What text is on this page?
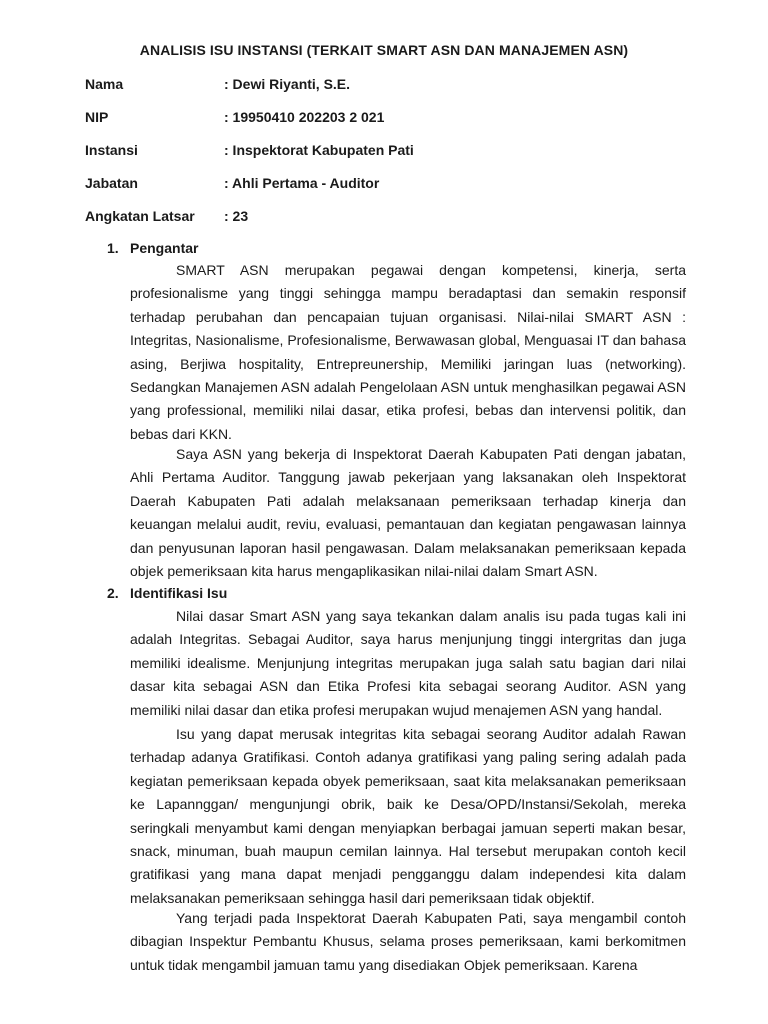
ANALISIS ISU INSTANSI (TERKAIT SMART ASN DAN MANAJEMEN ASN)
Nama	: Dewi Riyanti, S.E.
NIP	: 19950410 202203 2 021
Instansi	: Inspektorat Kabupaten Pati
Jabatan	: Ahli Pertama - Auditor
Angkatan Latsar : 23
1. Pengantar

SMART ASN merupakan pegawai dengan kompetensi, kinerja, serta profesionalisme yang tinggi sehingga mampu beradaptasi dan semakin responsif terhadap perubahan dan pencapaian tujuan organisasi. Nilai-nilai SMART ASN : Integritas, Nasionalisme, Profesionalisme, Berwawasan global, Menguasai IT dan bahasa asing, Berjiwa hospitality, Entrepreunership, Memiliki jaringan luas (networking). Sedangkan Manajemen ASN adalah Pengelolaan ASN untuk menghasilkan pegawai ASN yang professional, memiliki nilai dasar, etika profesi, bebas dan intervensi politik, dan bebas dari KKN.

Saya ASN yang bekerja di Inspektorat Daerah Kabupaten Pati dengan jabatan, Ahli Pertama Auditor. Tanggung jawab pekerjaan yang laksanakan oleh Inspektorat Daerah Kabupaten Pati adalah melaksanaan pemeriksaan terhadap kinerja dan keuangan melalui audit, reviu, evaluasi, pemantauan dan kegiatan pengawasan lainnya dan penyusunan laporan hasil pengawasan. Dalam melaksanakan pemeriksaan kepada objek pemeriksaan kita harus mengaplikasikan nilai-nilai dalam Smart ASN.

2. Identifikasi Isu

Nilai dasar Smart ASN yang saya tekankan dalam analis isu pada tugas kali ini adalah Integritas. Sebagai Auditor, saya harus menjunjung tinggi intergritas dan juga memiliki idealisme. Menjunjung integritas merupakan juga salah satu bagian dari nilai dasar kita sebagai ASN dan Etika Profesi kita sebagai seorang Auditor. ASN yang memiliki nilai dasar dan etika profesi merupakan wujud menajemen ASN yang handal.

Isu yang dapat merusak integritas kita sebagai seorang Auditor adalah Rawan terhadap adanya Gratifikasi. Contoh adanya gratifikasi yang paling sering adalah pada kegiatan pemeriksaan kepada obyek pemeriksaan, saat kita melaksanakan pemeriksaan ke Lapannggan/ mengunjungi obrik, baik ke Desa/OPD/Instansi/Sekolah, mereka seringkali menyambut kami dengan menyiapkan berbagai jamuan seperti makan besar, snack, minuman, buah maupun cemilan lainnya. Hal tersebut merupakan contoh kecil gratifikasi yang mana dapat menjadi pengganggu dalam independesi kita dalam melaksanakan pemeriksaan sehingga hasil dari pemeriksaan tidak objektif.

Yang terjadi pada Inspektorat Daerah Kabupaten Pati, saya mengambil contoh dibagian Inspektur Pembantu Khusus, selama proses pemeriksaan, kami berkomitmen untuk tidak mengambil jamuan tamu yang disediakan Objek pemeriksaan. Karena
